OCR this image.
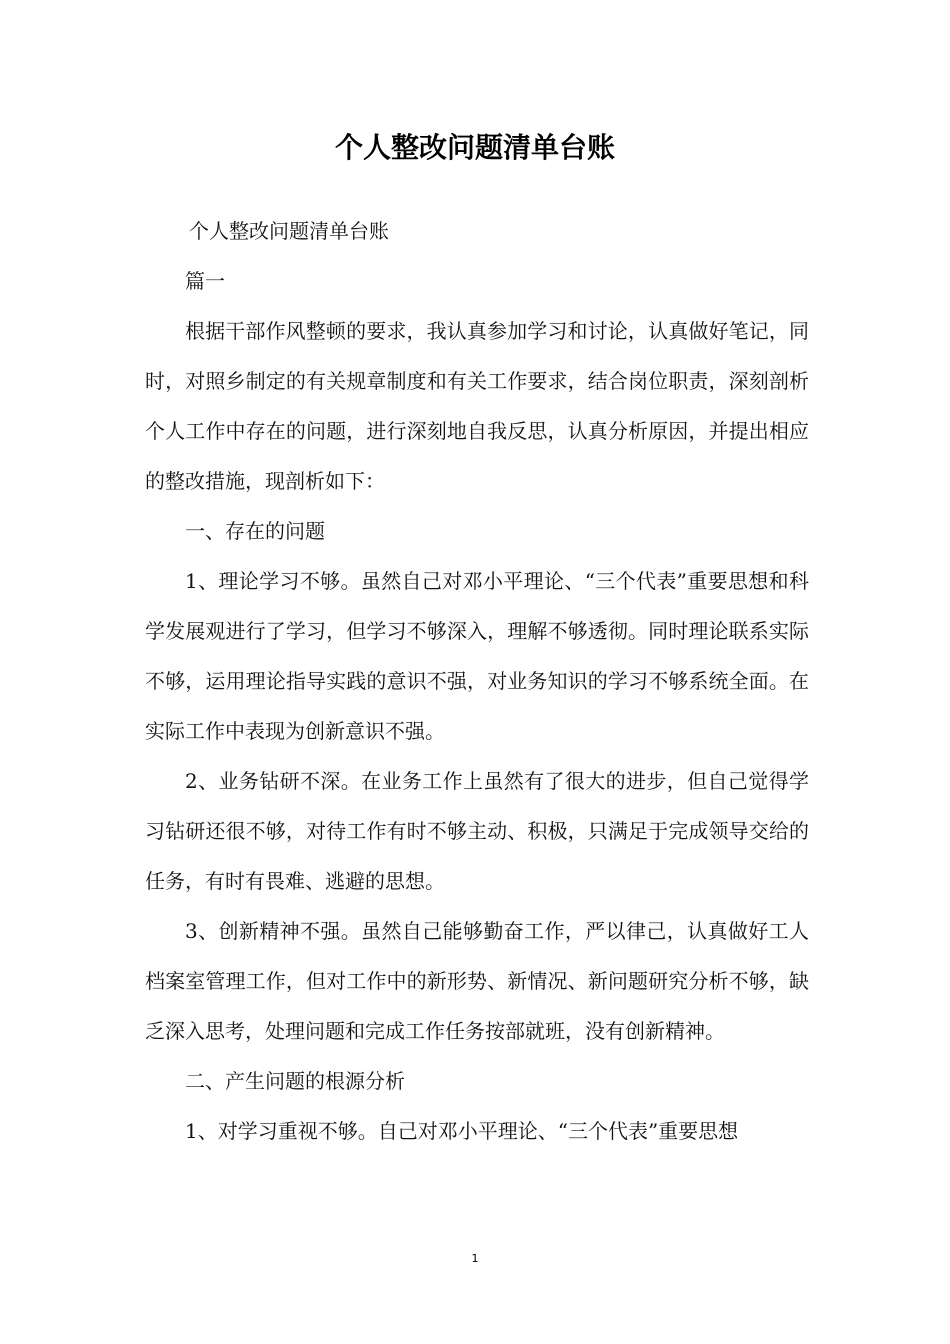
个人整改问题清单台账

个人整改问题清单台账

篇一

根据干部作风整顿的要求，我认真参加学习和讨论，认真做好笔记，同时，对照乡制定的有关规章制度和有关工作要求，结合岗位职责，深刻剖析个人工作中存在的问题，进行深刻地自我反思，认真分析原因，并提出相应的整改措施，现剖析如下：

一、存在的问题

1、理论学习不够。虽然自己对邓小平理论、“三个代表”重要思想和科学发展观进行了学习，但学习不够深入，理解不够透彻。同时理论联系实际不够，运用理论指导实践的意识不强，对业务知识的学习不够系统全面。在实际工作中表现为创新意识不强。

2、业务钻研不深。在业务工作上虽然有了很大的进步，但自己觉得学习钻研还很不够，对待工作有时不够主动、积极，只满足于完成领导交给的任务，有时有畏难、逃避的思想。

3、创新精神不强。虽然自己能够勤奋工作，严以律己，认真做好工人档案室管理工作，但对工作中的新形势、新情况、新问题研究分析不够，缺乏深入思考，处理问题和完成工作任务按部就班，没有创新精神。

二、产生问题的根源分析

1、对学习重视不够。自己对邓小平理论、“三个代表”重要思想

1
